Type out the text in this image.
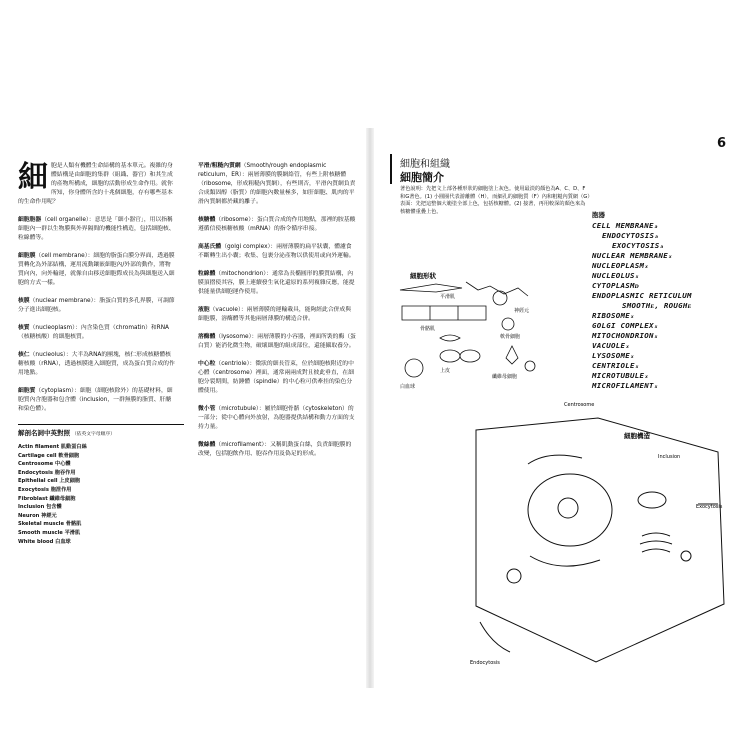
細胞是人類有機體生命結構的基本單元。複雜的身體結構是由細胞的集群（組織、器官）和其生成的產物所構成，細胞的活動形成生命作用。就你所知，你身體所含約十兆個細胞，存有哪些基本的生命作用呢？

細胞胞器（cell organelle）：意思是「細小器官」，用以指稱細胞內一群以生物膜與外界隔間的機能性構造，包括細胞核、粒線體等。

細胞膜（cell membrane）：細胞的脂蛋白膜分界面，透過膜質轉化為外部結構，運用流動鑲嵌細胞內/外部的動作，將物質向內，向外輸運，就像自由移送細胞際成長為與細胞送入細胞的方式一樣。

核膜（nuclear membrane）：脂蛋白質的多孔界膜，可調節分子進出細胞核。

核質（nucleoplasm）：內含染色質（chromatin）和RNA（核糖核酸）的細胞核質。

核仁（nucleolus）：大半為RNA的團塊，核仁形成核糖體核糖核酸（rRNA），透過核膜進入細胞質，成為蛋白質合成的作用地點。

細胞質（cytoplasm）：細胞（細胞核除外）的基礎材料，細胞質內含胞器和包含體（inclusion，一群無膜的脂質、肝醣和染色體）。

解剖名詞中英對照 （依英文字母順序）
Actin filament 肌動蛋白絲
Cartilage cell 軟骨細胞
Centrosome 中心體
Endocytosis 胞吞作用
Epithelial cell 上皮細胞
Exocytosis 胞泄作用
Fibroblast 纖維母細胞
Inclusion 包含體
Neuron 神經元
Skeletal muscle 骨骼肌
Smooth muscle 平滑肌
White blood 白血球

平滑/粗糙內質網（Smooth/rough endoplasmic reticulum，ER）：兩層薄膜的膜網絡管，有些上附核糖體（ribosome，形成粗糙內質網），有些則否，平滑內質網負責合成類固醇（脂質）的細胞內數量極多，如肝細胞、肌肉的平滑內質網都於藏的離子。

核糖體（ribosome）：蛋白質合成的作用地點，那裡的胺基酸遵循信使核糖核酸（mRNA）的指令循序串接。

高基氏體（golgi complex）：兩層薄膜的扁平狀囊，體濾食不斷轉生出小囊；收集、包裹分泌產物以供使用或向外運輸。

粒線體（mitochondrion）：通常為長橢圓形的膜質結構，內膜頂摺使其容，膜上連續發生氧化還原的系列複雜反應，能提供能量供細胞運作使用。

液胞（vacuole）：兩層薄膜的運輸載具，能夠經此合併成與細胞膜，溶酶體等其他兩層薄膜的構造合併。

溶酶體（lysosome）：兩層薄膜的小容器，裡面所裝的酶（蛋白質）能消化微生物，破壞細胞的組成部位，還能攝取養分。

中心粒（centriole）：微狀的細長管束，位於細胞核附近的中心體（centrosome）裡面，通常兩兩成對且彼此垂直，在細胞分裂期間，紡錘體（spindle）的中心粒可供牽挂的染色分體使用。

微小管（microtubule）：屬於細胞骨骼（cytoskeleton）的一部分；從中心體向外放射，為胞器提供結構和動力方面的支持力量。

微絲體（microfilament）：又稱肌動蛋白絲，負責細胞膜的改變，包括胞飲作用、胞吞作用及偽足的形成。

6
細胞和組織
細胞簡介
著色說明：先把文上部各種形狀的細胞塗上灰色。使用最淡的顏色為A、C、D、F和G著色。(1) 小圓圈代表游離體（H），而細孔的細胞質（F）內和粗糙內質網（G）表面：先把這整個大範塗全部上色，包括核糖體。(2) 接著，再用較深的顏色來為核糖體重疊上色。	胞器
CELL MEMBRANEₐ
ENDOCYTOSISₐ
EXOCYTOSISₐ
NUCLEAR MEMBRANEₓ
NUCLEOPLASMₓ
NUCLEOLUSₓ
CYTOPLASMᴅ
ENDOPLASMIC RETICULUM
SMOOTHᴇ, ROUGHᴇ
RIBOSOMEₓ
GOLGI COMPLEXₓ
MITOCHONDRIONₓ
VACUOLEₓ
LYSOSOMEₓ
CENTRIOLEₓ
MICROTUBULEₓ
MICROFILAMENTₓ
細胞形狀
平滑肌
神經元
骨骼肌
軟骨細胞
上皮
纖維母細胞
白血球
細胞構造
Centrosome
Inclusion
Exocytosis
Endocytosis
